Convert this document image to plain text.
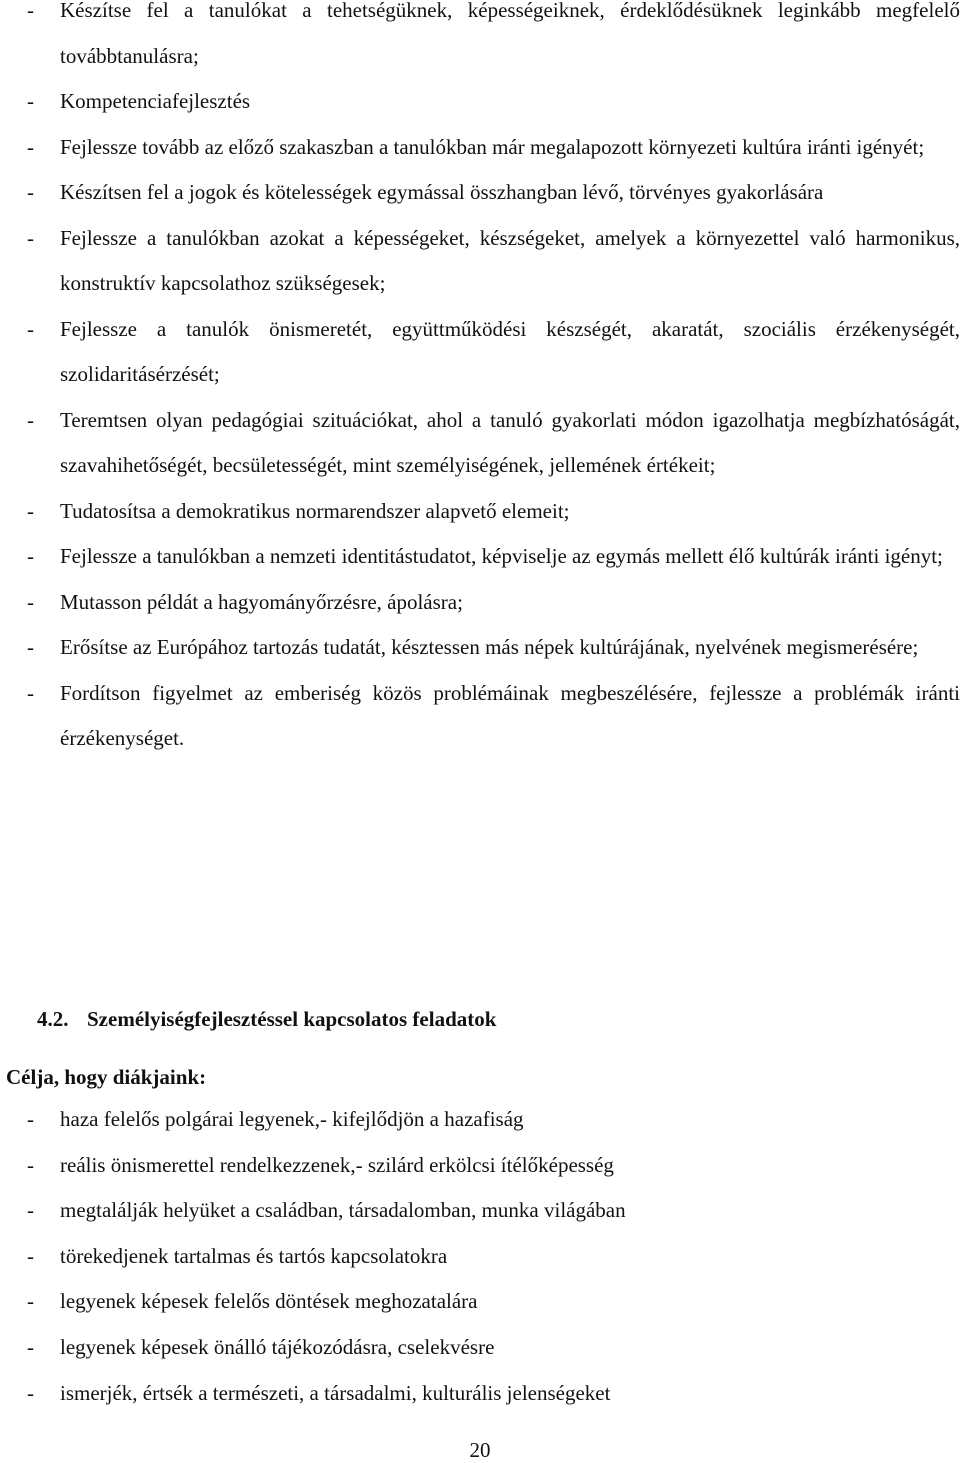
- Készítse fel a tanulókat a tehetségüknek, képességeiknek, érdeklődésüknek leginkább megfelelő továbbtanulásra;
- Kompetenciafejlesztés
- Fejlessze tovább az előző szakaszban a tanulókban már megalapozott környezeti kultúra iránti igényét;
- Készítsen fel a jogok és kötelességek egymással összhangban lévő, törvényes gyakorlására
- Fejlessze a tanulókban azokat a képességeket, készségeket, amelyek a környezettel való harmonikus, konstruktív kapcsolathoz szükségesek;
- Fejlessze a tanulók önismeretét, együttműködési készségét, akaratát, szociális érzékenységét, szolidaritásérzését;
- Teremtsen olyan pedagógiai szituációkat, ahol a tanuló gyakorlati módon igazolhatja megbízhatóságát, szavahihetőségét, becsületességét, mint személyiségének, jellemének értékeit;
- Tudatosítsa a demokratikus normarendszer alapvető elemeit;
- Fejlessze a tanulókban a nemzeti identitástudatot, képviselje az egymás mellett élő kultúrák iránti igényt;
- Mutasson példát a hagyományőrzésre, ápolásra;
- Erősítse az Európához tartozás tudatát, késztessen más népek kultúrájának, nyelvének megismerésére;
- Fordítson figyelmet az emberiség közös problémáinak megbeszélésére, fejlessze a problémák iránti érzékenységet.
4.2. Személyiségfejlesztéssel kapcsolatos feladatok
Célja, hogy diákjaink:
- haza felelős polgárai legyenek,- kifejlődjön a hazafiság
- reális önismerettel rendelkezzenek,- szilárd erkölcsi ítélőképesség
- megtalálják helyüket a családban, társadalomban, munka világában
- törekedjenek tartalmas és tartós kapcsolatokra
- legyenek képesek felelős döntések meghozatalára
- legyenek képesek önálló tájékozódásra, cselekvésre
- ismerjék, értsék a természeti, a társadalmi, kulturális jelenségeket
20
